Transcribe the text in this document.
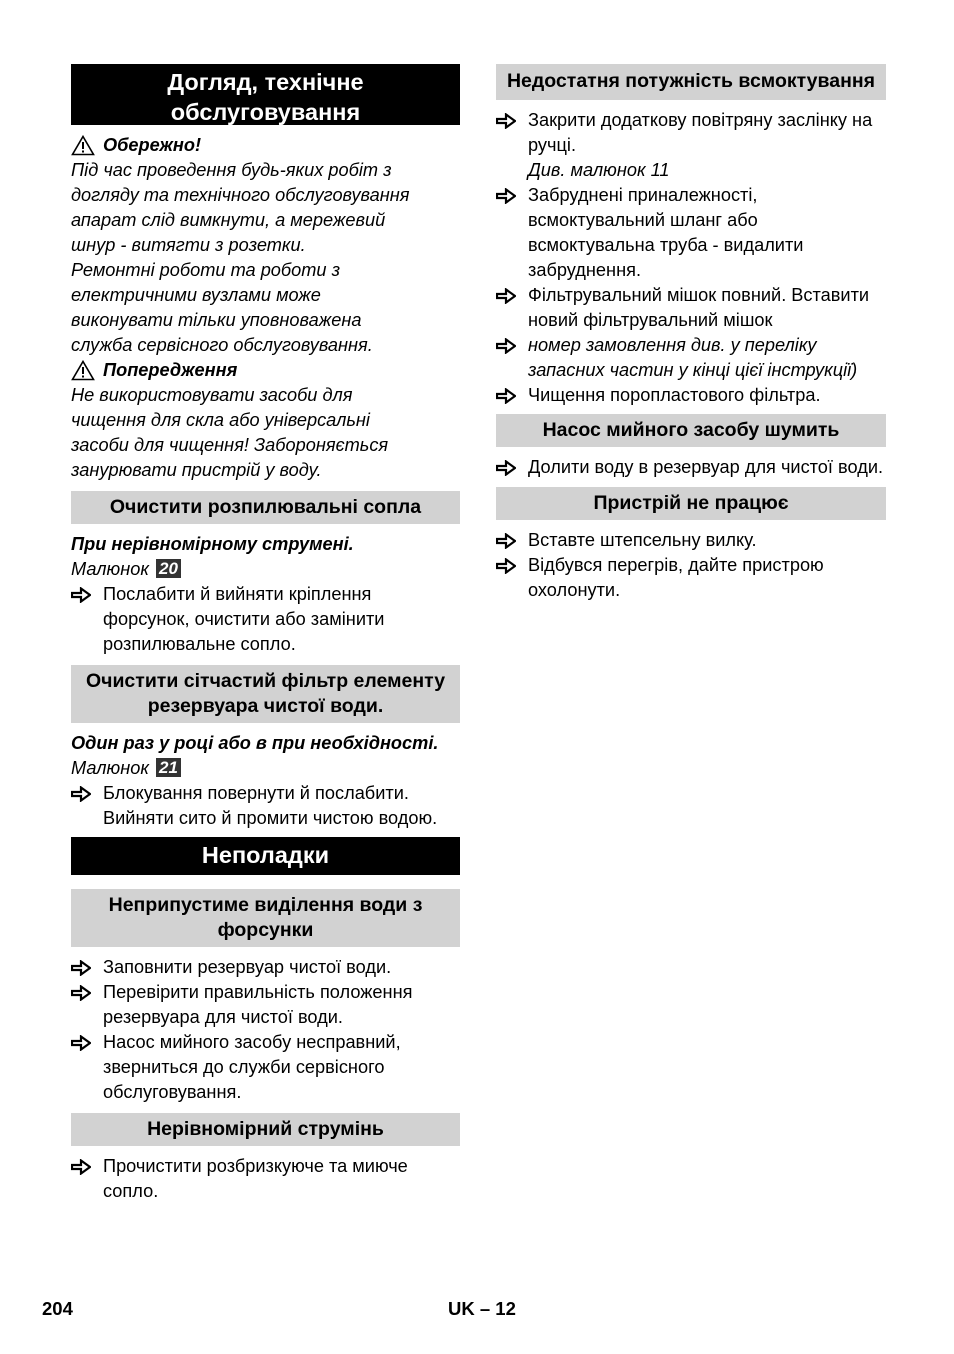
Догляд, технічне обслуговування
Обережно!
Під час проведення будь-яких робіт з
догляду та технічного обслуговування
апарат слід вимкнути, а мережевий
шнур - витягти з розетки.
Ремонтні роботи та роботи з
електричними вузлами може
виконувати тільки уповноважена
служба сервісного обслуговування.
Попередження
Не використовувати засоби для
чищення для скла або універсальні
засоби для чищення! Забороняється
занурювати пристрій у воду.
Очистити розпилювальні сопла
При нерівномірному струмені.
Малюнок 20
Послабити й вийняти кріплення форсунок, очистити або замінити розпилювальне сопло.
Очистити сітчастий фільтр елементу резервуара чистої води.
Один раз у році або в при необхідності.
Малюнок 21
Блокування повернути й послабити. Вийняти сито й промити чистою водою.
Неполадки
Неприпустиме виділення води з форсунки
Заповнити резервуар чистої води.
Перевірити правильність положення резервуара для чистої води.
Насос мийного засобу несправний, зверниться до служби сервісного обслуговування.
Нерівномірний струмінь
Прочистити розбризкуюче та миюче сопло.
Недостатня потужність всмоктування
Закрити додаткову повітряну заслінку на ручці.
Див. малюнок 11
Забруднені приналежності, всмоктувальний шланг або всмоктувальна труба - видалити забруднення.
Фільтрувальний мішок повний. Вставити новий фільтрувальний мішок
номер замовлення див. у переліку запасних частин у кінці цієї інструкції)
Чищення поропластового фільтра.
Насос мийного засобу шумить
Долити воду в резервуар для чистої води.
Пристрій не працює
Вставте штепсельну вилку.
Відбувся перегрів, дайте пристрою охолонути.
204	UK – 12
